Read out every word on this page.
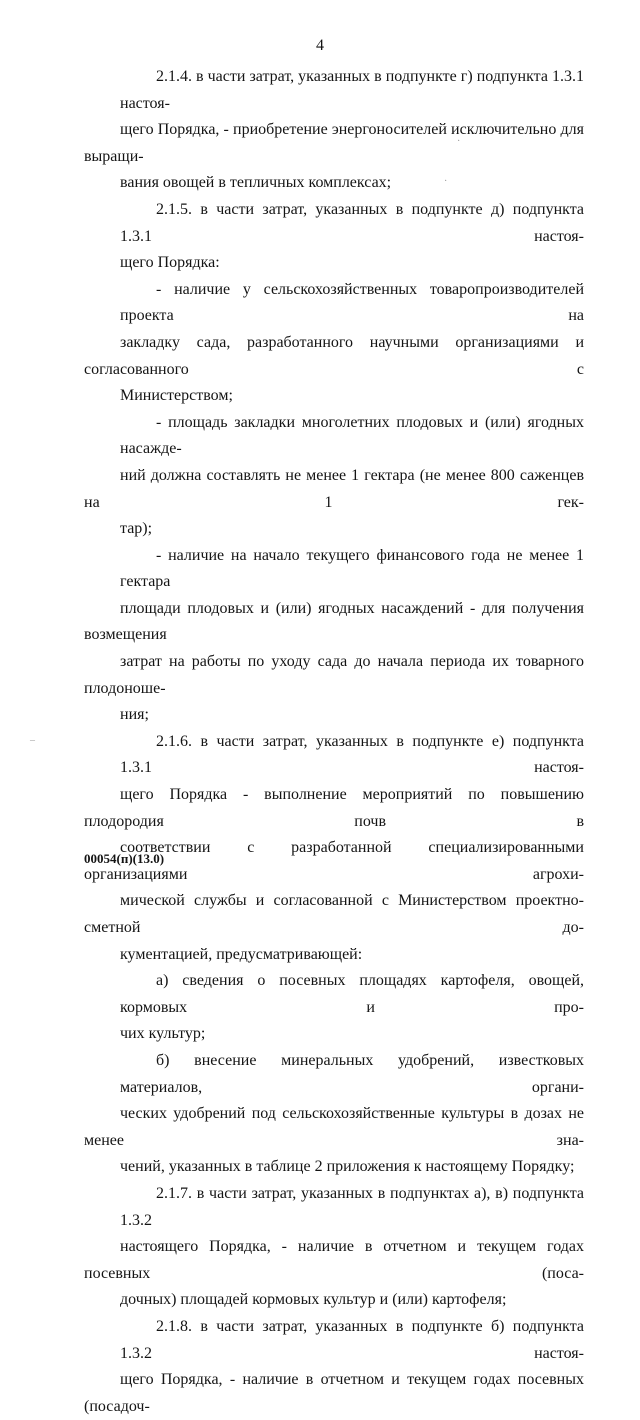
4
2.1.4. в части затрат, указанных в подпункте г) подпункта 1.3.1 настоя-
щего Порядка, - приобретение энергоносителей исключительно для выращи-
вания овощей в тепличных комплексах;
2.1.5. в части затрат, указанных в подпункте д) подпункта 1.3.1 настоя-
щего Порядка:
- наличие у сельскохозяйственных товаропроизводителей проекта на
закладку сада, разработанного научными организациями и согласованного с
Министерством;
- площадь закладки многолетних плодовых и (или) ягодных насажде-
ний должна составлять не менее 1 гектара (не менее 800 саженцев на 1 гек-
тар);
- наличие на начало текущего финансового года не менее 1 гектара
площади плодовых и (или) ягодных насаждений - для получения возмещения
затрат на работы по уходу сада до начала периода их товарного плодоноше-
ния;
2.1.6. в части затрат, указанных в подпункте е) подпункта 1.3.1 настоя-
щего Порядка - выполнение мероприятий по повышению плодородия почв в
соответствии с разработанной специализированными организациями агрохи-
мической службы и согласованной с Министерством проектно-сметной до-
кументацией, предусматривающей:
а) сведения о посевных площадях картофеля, овощей, кормовых и про-
чих культур;
б) внесение минеральных удобрений, известковых материалов, органи-
ческих удобрений под сельскохозяйственные культуры в дозах не менее зна-
чений, указанных в таблице 2 приложения к настоящему Порядку;
2.1.7. в части затрат, указанных в подпунктах а), в) подпункта 1.3.2
настоящего Порядка, - наличие в отчетном и текущем годах посевных (поса-
дочных) площадей кормовых культур и (или) картофеля;
2.1.8. в части затрат, указанных в подпункте б) подпункта 1.3.2 настоя-
щего Порядка, - наличие в отчетном и текущем годах посевных (посадоч-
·
·
–
00054(п)(13.0)
